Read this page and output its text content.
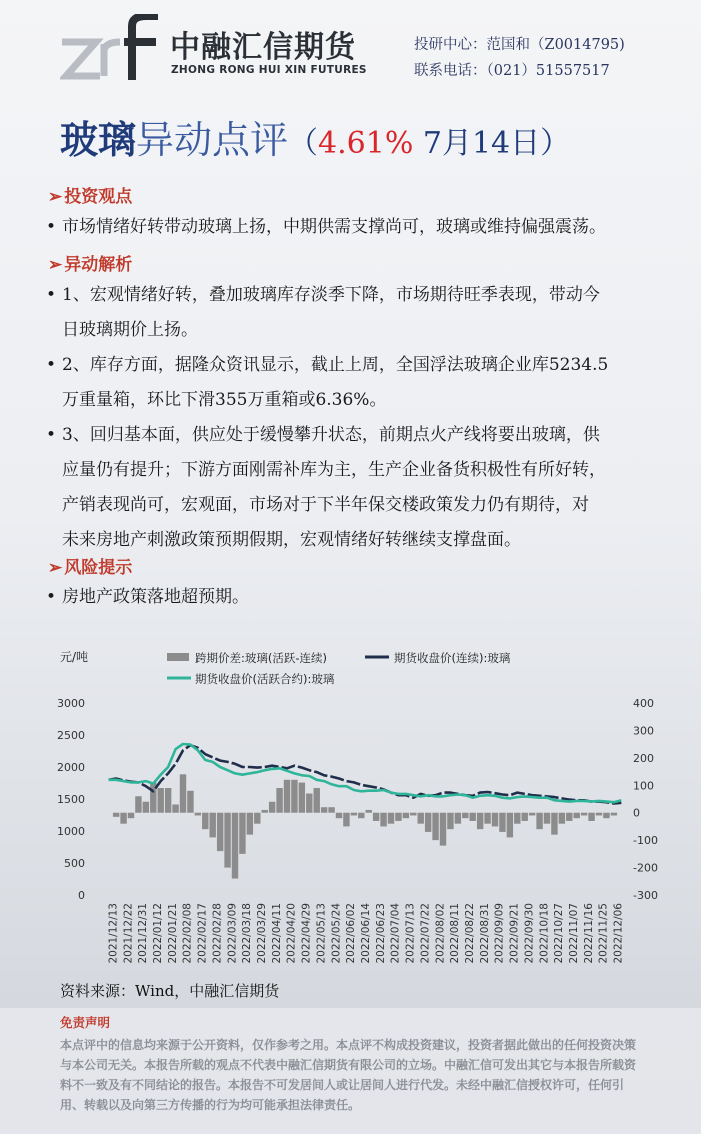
中融汇信期货
ZHONG RONG HUI XIN FUTURES
投研中心：范国和（Z0014795)
联系电话：（021）51557517
玻璃异动点评（4.61% 7月14日）
➢ 投资观点
• 市场情绪好转带动玻璃上扬，中期供需支撑尚可，玻璃或维持偏强震荡。
➢ 异动解析
• 1、宏观情绪好转，叠加玻璃库存淡季下降，市场期待旺季表现，带动今
日玻璃期价上扬。
• 2、库存方面，据隆众资讯显示，截止上周，全国浮法玻璃企业库5234.5
万重量箱，环比下滑355万重箱或6.36%。
• 3、回归基本面，供应处于缓慢攀升状态，前期点火产线将要出玻璃，供
应量仍有提升；下游方面刚需补库为主，生产企业备货积极性有所好转，
产销表现尚可，宏观面，市场对于下半年保交楼政策发力仍有期待，对
未来房地产刺激政策预期假期，宏观情绪好转继续支撑盘面。
➢ 风险提示
• 房地产政策落地超预期。
元/吨	跨期价差:玻璃(活跃-连续)	期货收盘价(连续):玻璃
期货收盘价(活跃合约):玻璃
3000
2500
2000
1500
1000
500
0
400
300
200
100
0
-100
-200
-300
2021/12/13 2021/12/22 2021/12/31 2022/01/12 2022/01/21 2022/02/08 2022/02/17 2022/02/28 2022/03/09 2022/03/18 2022/03/29 2022/04/11 2022/04/20 2022/04/29 2022/05/13 2022/05/24 2022/06/02 2022/06/14 2022/06/23 2022/07/04 2022/07/13 2022/07/22 2022/08/02 2022/08/11 2022/08/22 2022/08/31 2022/09/09 2022/09/21 2022/09/30 2022/10/18 2022/10/27 2022/11/07 2022/11/16 2022/11/25 2022/12/06
资料来源：Wind，中融汇信期货
免责声明
本点评中的信息均来源于公开资料，仅作参考之用。本点评不构成投资建议，投资者据此做出的任何投资决策与本公司无关。本报告所载的观点不代表中融汇信期货有限公司的立场。中融汇信可发出其它与本报告所载资料不一致及有不同结论的报告。本报告不可发居间人或让居间人进行代发。未经中融汇信授权许可，任何引用、转载以及向第三方传播的行为均可能承担法律责任。
